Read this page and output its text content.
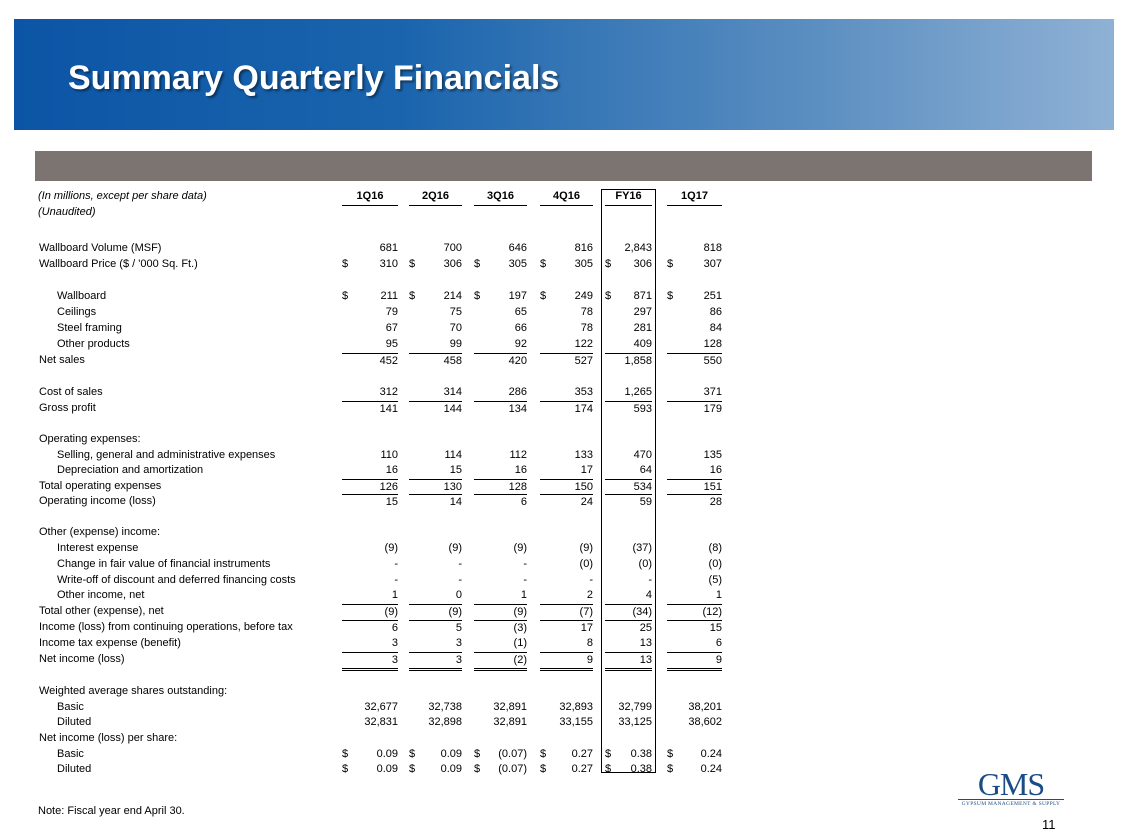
Summary Quarterly Financials
(In millions, except per share data)
(Unaudited)
1Q16	2Q16	3Q16	4Q16	FY16	1Q17
Wallboard Volume (MSF)	681	700	646	816	2,843	818
Wallboard Price ($ / '000 Sq. Ft.)	$	310 $	306 $	305 $	305 $ 306 $	307
Wallboard	$	211 $	214 $	197 $	249 $ 871 $	251
Ceilings	79	75	65	78	297	86
Steel framing	67	70	66	78	281	84
Other products	95	99	92	122	409	128
Net sales	452	458	420	527	1,858	550
Cost of sales	312	314	286	353	1,265	371
Gross profit	141	144	134	174	593	179
Operating expenses:
Selling, general and administrative expenses	110	114	112	133	470	135
Depreciation and amortization	16	15	16	17	64	16
Total operating expenses	126	130	128	150	534	151
Operating income (loss)	15	14	6	24	59	28
Other (expense) income:
Interest expense	(9)	(9)	(9)	(9)	(37)	(8)
Change in fair value of financial instruments	-	-	-	(0)	(0)	(0)
Write-off of discount and deferred financing costs	-	-	-	-	-	(5)
Other income, net	1	0	1	2	4	1
Total other (expense), net	(9)	(9)	(9)	(7)	(34)	(12)
Income (loss) from continuing operations, before tax	6	5	(3)	17	25	15
Income tax expense (benefit)	3	3	(1)	8	13	6
Net income (loss)	3	3	(2)	9	13	9
Weighted average shares outstanding:
Basic	32,677	32,738	32,891	32,893 32,799	38,201
Diluted	32,831	32,898	32,891	33,155 33,125	38,602
Net income (loss) per share:
Basic	$	0.09 $ 0.09 $ (0.07) $ 0.27 $ 0.38 $ 0.24
Diluted	$	0.09 $ 0.09 $ (0.07) $ 0.27 $ 0.38 $ 0.24
Note: Fiscal year end April 30.
11
GMS
GYPSUM MANAGEMENT & SUPPLY
